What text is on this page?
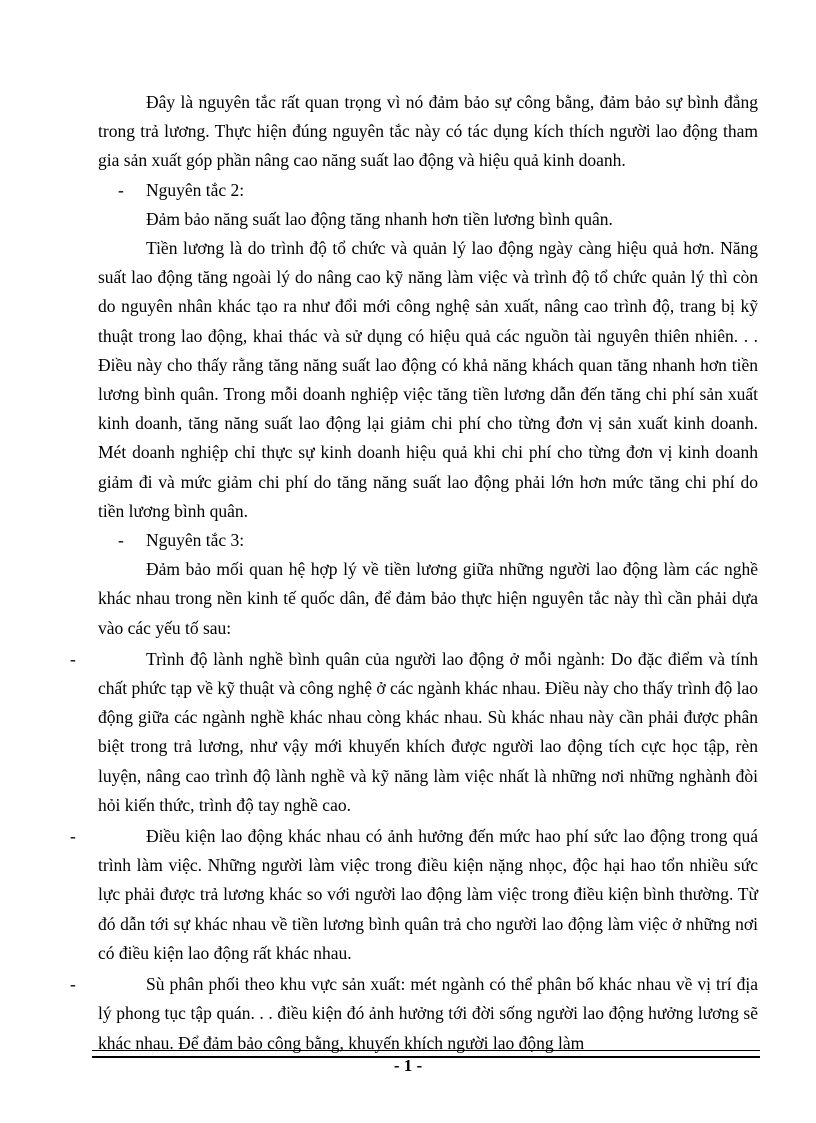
Đây là nguyên tắc rất quan trọng vì nó đảm bảo sự công bằng, đảm bảo sự bình đẳng trong trả lương. Thực hiện đúng nguyên tắc này có tác dụng kích thích người lao động tham gia sản xuất góp phần nâng cao năng suất lao động và hiệu quả kinh doanh.

- Nguyên tắc 2:

Đảm bảo năng suất lao động tăng nhanh hơn tiền lương bình quân.

Tiền lương là do trình độ tổ chức và quản lý lao động ngày càng hiệu quả hơn. Năng suất lao động tăng ngoài lý do nâng cao kỹ năng làm việc và trình độ tổ chức quản lý thì còn do nguyên nhân khác tạo ra như đổi mới công nghệ sản xuất, nâng cao trình độ, trang bị kỹ thuật trong lao động, khai thác và sử dụng có hiệu quả các nguồn tài nguyên thiên nhiên. . . Điều này cho thấy rằng tăng năng suất lao động có khả năng khách quan tăng nhanh hơn tiền lương bình quân. Trong mỗi doanh nghiệp việc tăng tiền lương dẫn đến tăng chi phí sản xuất kinh doanh, tăng năng suất lao động lại giảm chi phí cho từng đơn vị sản xuất kinh doanh. Mét doanh nghiệp chỉ thực sự kinh doanh hiệu quả khi chi phí cho từng đơn vị kinh doanh giảm đi và mức giảm chi phí do tăng năng suất lao động phải lớn hơn mức tăng chi phí do tiền lương bình quân.

- Nguyên tắc 3:

Đảm bảo mối quan hệ hợp lý về tiền lương giữa những người lao động làm các nghề khác nhau trong nền kinh tế quốc dân, để đảm bảo thực hiện nguyên tắc này thì cần phải dựa vào các yếu tố sau:

-	Trình độ lành nghề bình quân của người lao động ở mỗi ngành: Do đặc điểm và tính chất phức tạp về kỹ thuật và công nghệ ở các ngành khác nhau. Điều này cho thấy trình độ lao động giữa các ngành nghề khác nhau còng khác nhau. Sù khác nhau này cần phải được phân biệt trong trả lương, như vậy mới khuyến khích được người lao động tích cực học tập, rèn luyện, nâng cao trình độ lành nghề và kỹ năng làm việc nhất là những nơi những nghành đòi hỏi kiến thức, trình độ tay nghề cao.

-	Điều kiện lao động khác nhau có ảnh hưởng đến mức hao phí sức lao động trong quá trình làm việc. Những người làm việc trong điều kiện nặng nhọc, độc hại hao tổn nhiều sức lực phải được trả lương khác so với người lao động làm việc trong điều kiện bình thường. Từ đó dẫn tới sự khác nhau về tiền lương bình quân trả cho người lao động làm việc ở những nơi có điều kiện lao động rất khác nhau.

-	Sù phân phối theo khu vực sản xuất: mét ngành có thể phân bố khác nhau về vị trí địa lý phong tục tập quán. . . điều kiện đó ảnh hưởng tới đời sống người lao động hưởng lương sẽ khác nhau. Để đảm bảo công bằng, khuyến khích người lao động làm

- 1 -
